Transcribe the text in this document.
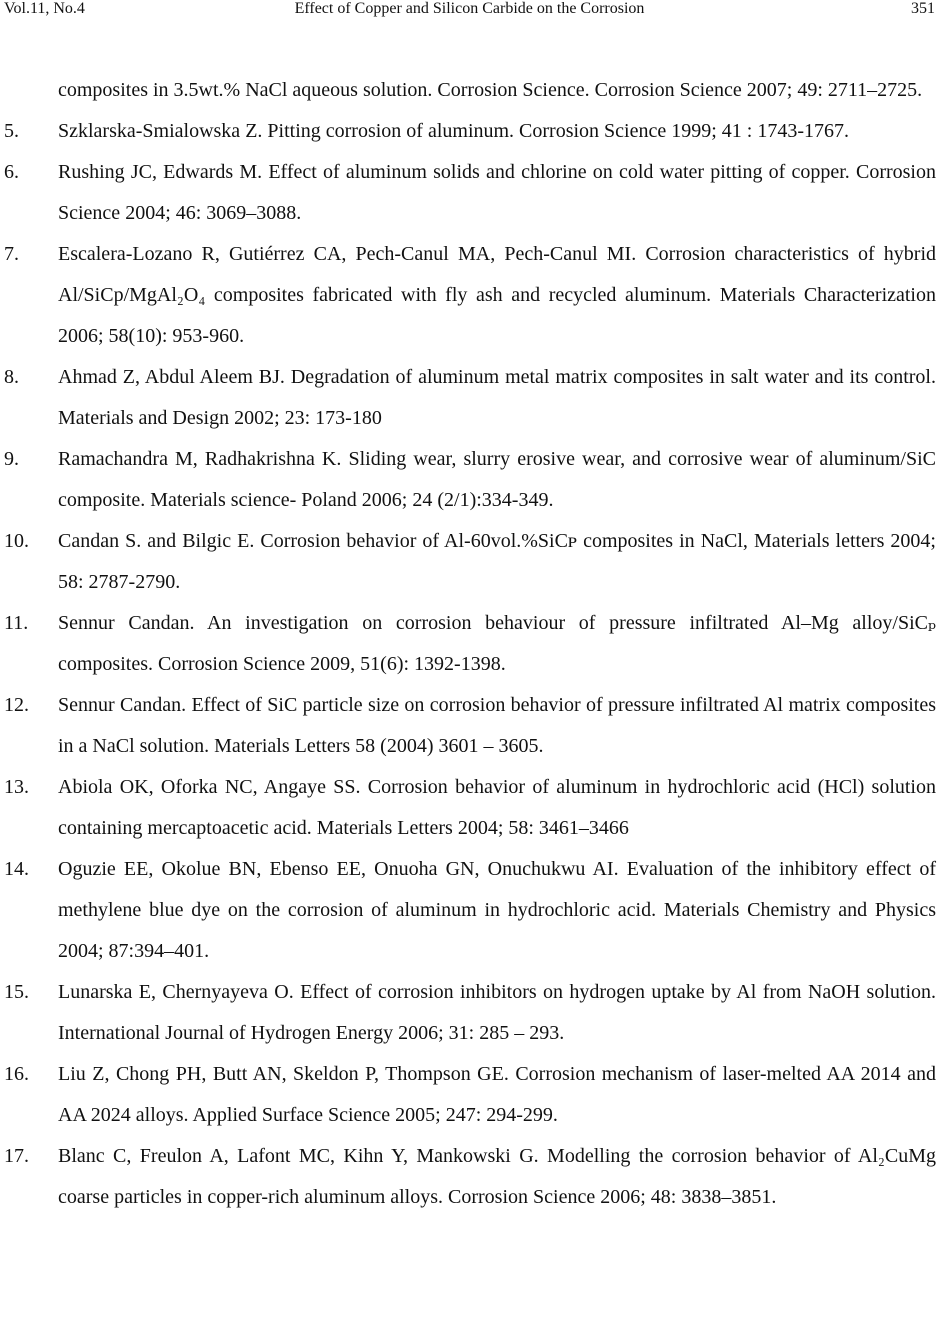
Vol.11, No.4	Effect of Copper and Silicon Carbide on the Corrosion	351
composites in 3.5wt.% NaCl aqueous solution. Corrosion Science. Corrosion Science 2007; 49: 2711–2725.
5. Szklarska-Smialowska Z. Pitting corrosion of aluminum. Corrosion Science 1999; 41 : 1743-1767.
6. Rushing JC, Edwards M. Effect of aluminum solids and chlorine on cold water pitting of copper. Corrosion Science 2004; 46: 3069–3088.
7. Escalera-Lozano R, Gutiérrez CA, Pech-Canul MA, Pech-Canul MI. Corrosion characteristics of hybrid Al/SiCp/MgAl₂O₄ composites fabricated with fly ash and recycled aluminum. Materials Characterization 2006; 58(10): 953-960.
8. Ahmad Z, Abdul Aleem BJ. Degradation of aluminum metal matrix composites in salt water and its control. Materials and Design 2002; 23: 173-180
9. Ramachandra M, Radhakrishna K. Sliding wear, slurry erosive wear, and corrosive wear of aluminum/SiC composite. Materials science- Poland 2006; 24 (2/1):334-349.
10. Candan S. and Bilgic E. Corrosion behavior of Al-60vol.%SiCᴘ composites in NaCl, Materials letters 2004; 58: 2787-2790.
11. Sennur Candan. An investigation on corrosion behaviour of pressure infiltrated Al–Mg alloy/SiCₚ composites. Corrosion Science 2009, 51(6): 1392-1398.
12. Sennur Candan. Effect of SiC particle size on corrosion behavior of pressure infiltrated Al matrix composites in a NaCl solution. Materials Letters 58 (2004) 3601 – 3605.
13. Abiola OK, Oforka NC, Angaye SS. Corrosion behavior of aluminum in hydrochloric acid (HCl) solution containing mercaptoacetic acid. Materials Letters 2004; 58: 3461–3466
14. Oguzie EE, Okolue BN, Ebenso EE, Onuoha GN, Onuchukwu AI. Evaluation of the inhibitory effect of methylene blue dye on the corrosion of aluminum in hydrochloric acid. Materials Chemistry and Physics 2004; 87:394–401.
15. Lunarska E, Chernyayeva O. Effect of corrosion inhibitors on hydrogen uptake by Al from NaOH solution. International Journal of Hydrogen Energy 2006; 31: 285 – 293.
16. Liu Z, Chong PH, Butt AN, Skeldon P, Thompson GE. Corrosion mechanism of laser-melted AA 2014 and AA 2024 alloys. Applied Surface Science 2005; 247: 294-299.
17. Blanc C, Freulon A, Lafont MC, Kihn Y, Mankowski G. Modelling the corrosion behavior of Al₂CuMg coarse particles in copper-rich aluminum alloys. Corrosion Science 2006; 48: 3838–3851.
